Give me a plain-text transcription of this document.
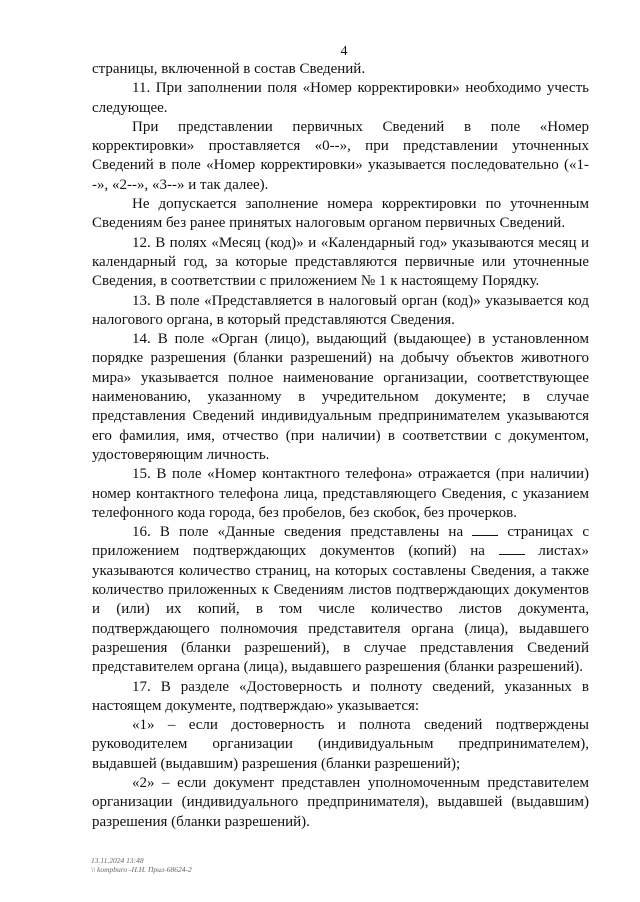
4

страницы, включенной в состав Сведений.

11. При заполнении поля «Номер корректировки» необходимо учесть следующее.

При представлении первичных Сведений в поле «Номер корректировки» проставляется «0--», при представлении уточненных Сведений в поле «Номер корректировки» указывается последовательно («1--», «2--», «3--» и так далее).

Не допускается заполнение номера корректировки по уточненным Сведениям без ранее принятых налоговым органом первичных Сведений.

12. В полях «Месяц (код)» и «Календарный год» указываются месяц и календарный год, за которые представляются первичные или уточненные Сведения, в соответствии с приложением № 1 к настоящему Порядку.

13. В поле «Представляется в налоговый орган (код)» указывается код налогового органа, в который представляются Сведения.

14. В поле «Орган (лицо), выдающий (выдающее) в установленном порядке разрешения (бланки разрешений) на добычу объектов животного мира» указывается полное наименование организации, соответствующее наименованию, указанному в учредительном документе; в случае представления Сведений индивидуальным предпринимателем указываются его фамилия, имя, отчество (при наличии) в соответствии с документом, удостоверяющим личность.

15. В поле «Номер контактного телефона» отражается (при наличии) номер контактного телефона лица, представляющего Сведения, с указанием телефонного кода города, без пробелов, без скобок, без прочерков.

16. В поле «Данные сведения представлены на  страницах с приложением подтверждающих документов (копий) на  листах» указываются количество страниц, на которых составлены Сведения, а также количество приложенных к Сведениям листов подтверждающих документов и (или) их копий, в том числе количество листов документа, подтверждающего полномочия представителя органа (лица), выдавшего разрешения (бланки разрешений), в случае представления Сведений представителем органа (лица), выдавшего разрешения (бланки разрешений).

17. В разделе «Достоверность и полноту сведений, указанных в настоящем документе, подтверждаю» указывается:

«1» – если достоверность и полнота сведений подтверждены руководителем организации (индивидуальным предпринимателем), выдавшей (выдавшим) разрешения (бланки разрешений);

«2» – если документ представлен уполномоченным представителем организации (индивидуального предпринимателя), выдавшей (выдавшим) разрешения (бланки разрешений).

13.11.2024 13:48
\\ kompburo -Н.Н. Прил-68624-2
